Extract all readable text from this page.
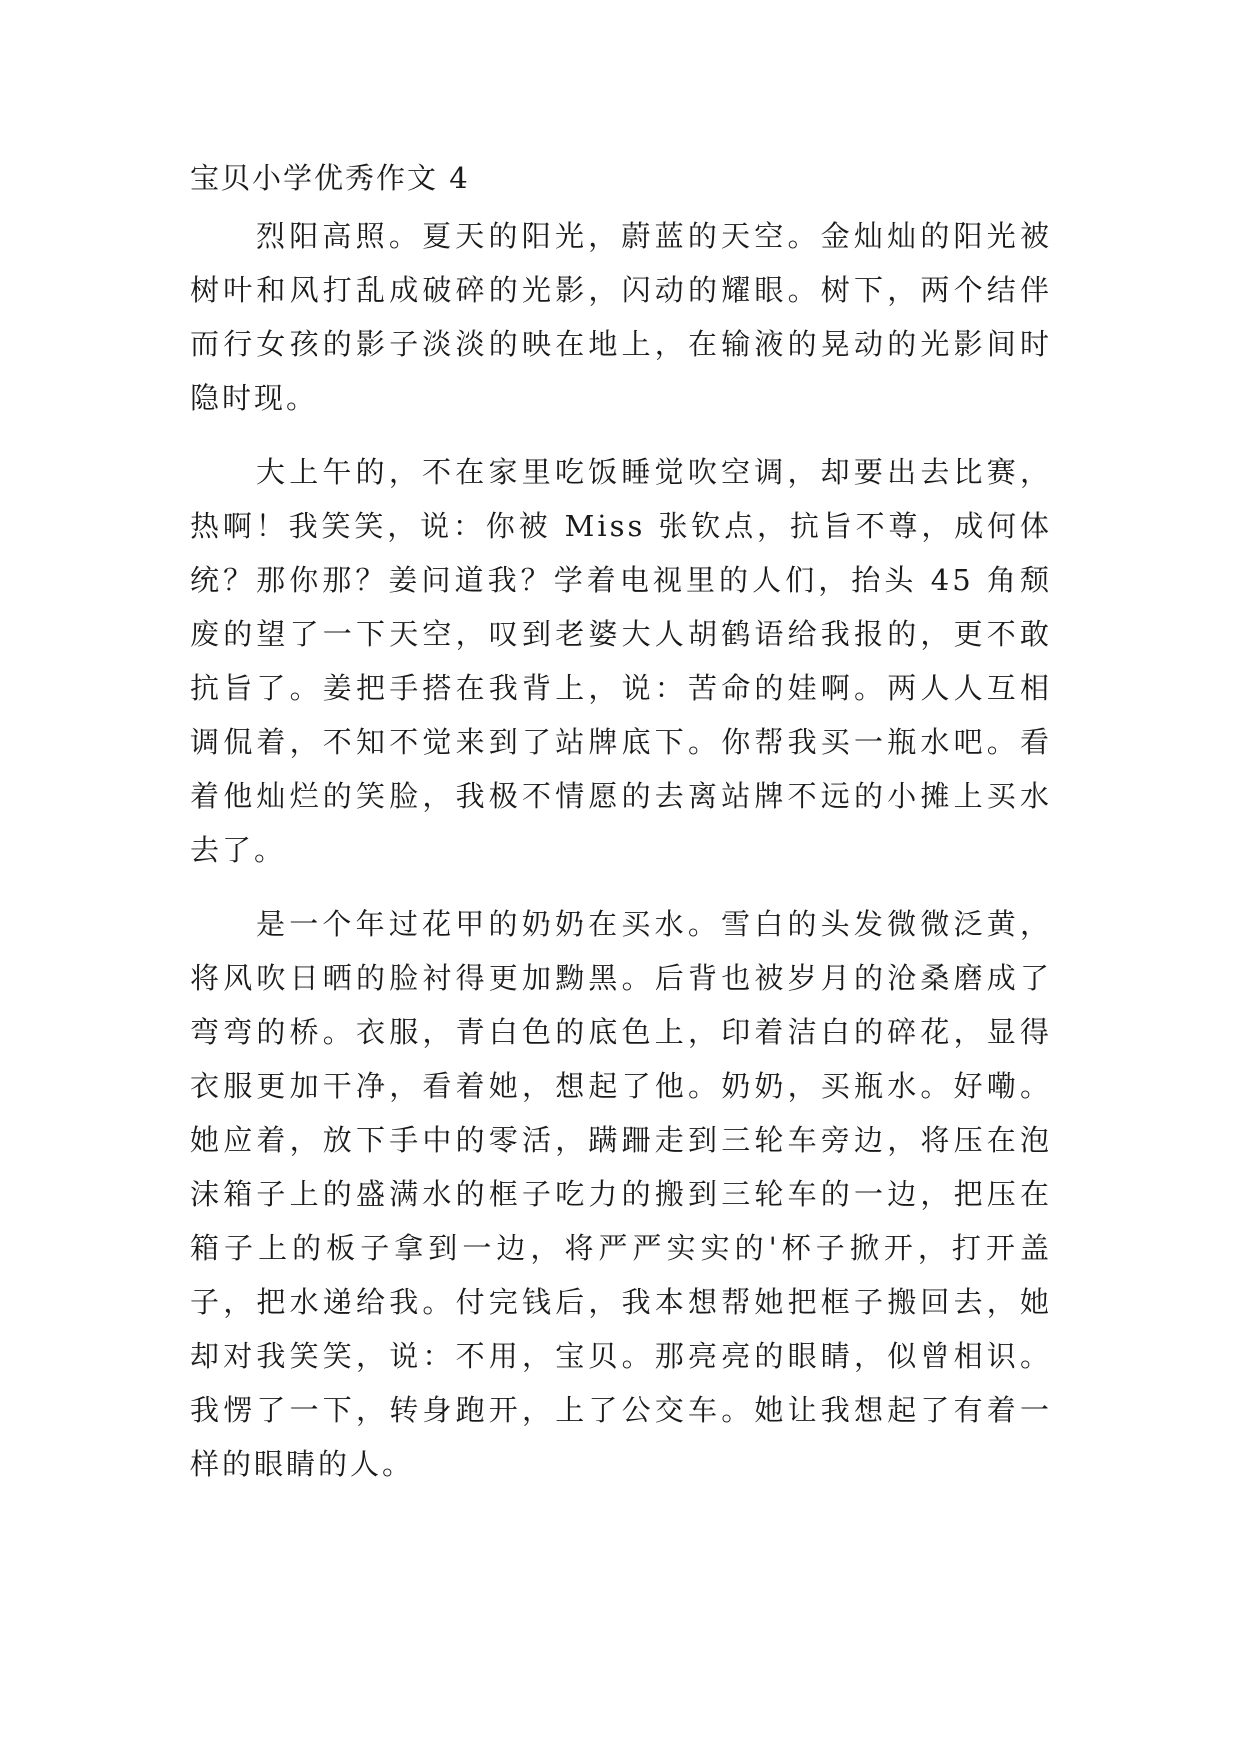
宝贝小学优秀作文 4

烈阳高照。夏天的阳光，蔚蓝的天空。金灿灿的阳光被树叶和风打乱成破碎的光影，闪动的耀眼。树下，两个结伴而行女孩的影子淡淡的映在地上，在输液的晃动的光影间时隐时现。

大上午的，不在家里吃饭睡觉吹空调，却要出去比赛，热啊！我笑笑，说：你被 Miss 张钦点，抗旨不尊，成何体统？那你那？姜问道我？学着电视里的人们，抬头 45 角颓废的望了一下天空，叹到老婆大人胡鹤语给我报的，更不敢抗旨了。姜把手搭在我背上，说：苦命的娃啊。两人人互相调侃着，不知不觉来到了站牌底下。你帮我买一瓶水吧。看着他灿烂的笑脸，我极不情愿的去离站牌不远的小摊上买水去了。

是一个年过花甲的奶奶在买水。雪白的头发微微泛黄，将风吹日晒的脸衬得更加黝黑。后背也被岁月的沧桑磨成了弯弯的桥。衣服，青白色的底色上，印着洁白的碎花，显得衣服更加干净，看着她，想起了他。奶奶，买瓶水。好嘞。她应着，放下手中的零活，蹒跚走到三轮车旁边，将压在泡沫箱子上的盛满水的框子吃力的搬到三轮车的一边，把压在箱子上的板子拿到一边，将严严实实的'杯子掀开，打开盖子，把水递给我。付完钱后，我本想帮她把框子搬回去，她却对我笑笑，说：不用，宝贝。那亮亮的眼睛，似曾相识。我愣了一下，转身跑开，上了公交车。她让我想起了有着一样的眼睛的人。
